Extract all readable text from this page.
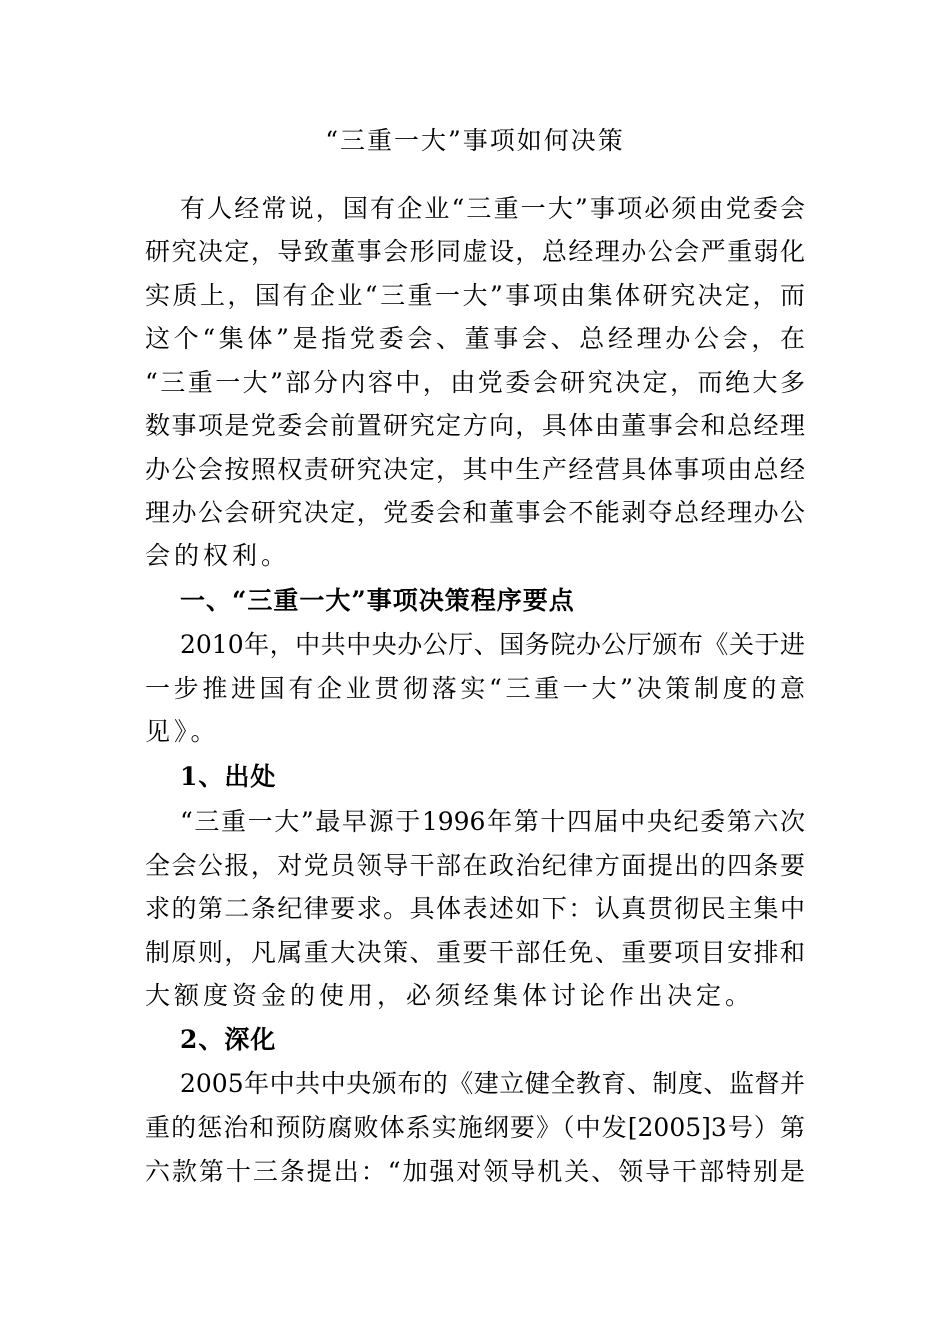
“三重一大”事项如何决策
有人经常说，国有企业“三重一大”事项必须由党委会
研究决定，导致董事会形同虚设，总经理办公会严重弱化
实质上，国有企业“三重一大”事项由集体研究决定，而
这个“集体”是指党委会、董事会、总经理办公会，在
“三重一大”部分内容中，由党委会研究决定，而绝大多
数事项是党委会前置研究定方向，具体由董事会和总经理
办公会按照权责研究决定，其中生产经营具体事项由总经
理办公会研究决定，党委会和董事会不能剥夺总经理办公
会的权利。
一、“三重一大”事项决策程序要点
2010年，中共中央办公厅、国务院办公厅颁布《关于进
一步推进国有企业贯彻落实“三重一大”决策制度的意
见》。
1、出处
“三重一大”最早源于1996年第十四届中央纪委第六次
全会公报，对党员领导干部在政治纪律方面提出的四条要
求的第二条纪律要求。具体表述如下：认真贯彻民主集中
制原则，凡属重大决策、重要干部任免、重要项目安排和
大额度资金的使用，必须经集体讨论作出决定。
2、深化
2005年中共中央颁布的《建立健全教育、制度、监督并
重的惩治和预防腐败体系实施纲要》（中发[2005]3号）第
六款第十三条提出：“加强对领导机关、领导干部特别是
